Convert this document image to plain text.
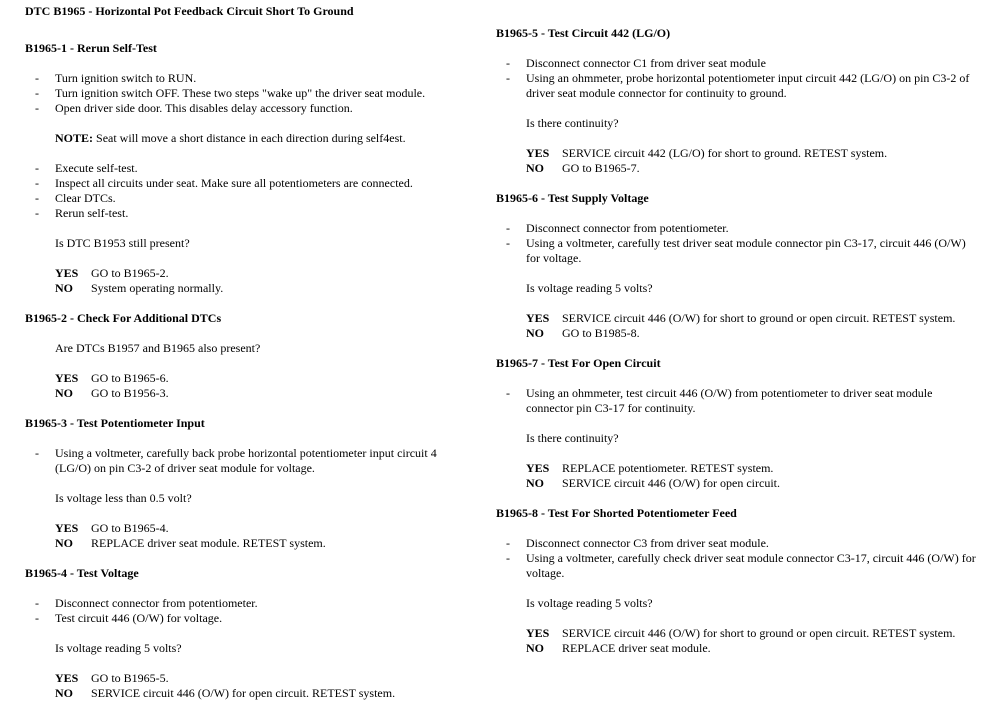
DTC B1965 - Horizontal Pot Feedback Circuit Short To Ground
B1965-1 - Rerun Self-Test
- Turn ignition switch to RUN.
- Turn ignition switch OFF. These two steps "wake up" the driver seat module.
- Open driver side door. This disables delay accessory function.
NOTE: Seat will move a short distance in each direction during self4est.
- Execute self-test.
- Inspect all circuits under seat. Make sure all potentiometers are connected.
- Clear DTCs.
- Rerun self-test.
Is DTC B1953 still present?
YES	GO to B1965-2.
NO	System operating normally.
B1965-2 - Check For Additional DTCs
Are DTCs B1957 and B1965 also present?
YES	GO to B1965-6.
NO	GO to B1956-3.
B1965-3 - Test Potentiometer Input
- Using a voltmeter, carefully back probe horizontal potentiometer input circuit 4
(LG/O) on pin C3-2 of driver seat module for voltage.
Is voltage less than 0.5 volt?
YES	GO to B1965-4.
NO	REPLACE driver seat module. RETEST system.
B1965-4 - Test Voltage
- Disconnect connector from potentiometer.
- Test circuit 446 (O/W) for voltage.
Is voltage reading 5 volts?
YES	GO to B1965-5.
NO	SERVICE circuit 446 (O/W) for open circuit. RETEST system.
B1965-5 - Test Circuit 442 (LG/O)
- Disconnect connector C1 from driver seat module
- Using an ohmmeter, probe horizontal potentiometer input circuit 442 (LG/O) on pin C3-2 of driver seat module connector for continuity to ground.
Is there continuity?
YES	SERVICE circuit 442 (LG/O) for short to ground. RETEST system.
NO	GO to B1965-7.
B1965-6 - Test Supply Voltage
- Disconnect connector from potentiometer.
- Using a voltmeter, carefully test driver seat module connector pin C3-17, circuit 446 (O/W) for voltage.
Is voltage reading 5 volts?
YES	SERVICE circuit 446 (O/W) for short to ground or open circuit. RETEST system.
NO	GO to B1985-8.
B1965-7 - Test For Open Circuit
- Using an ohmmeter, test circuit 446 (O/W) from potentiometer to driver seat module connector pin C3-17 for continuity.
Is there continuity?
YES	REPLACE potentiometer. RETEST system.
NO	SERVICE circuit 446 (O/W) for open circuit.
B1965-8 - Test For Shorted Potentiometer Feed
- Disconnect connector C3 from driver seat module.
- Using a voltmeter, carefully check driver seat module connector C3-17, circuit 446 (O/W) for voltage.
Is voltage reading 5 volts?
YES	SERVICE circuit 446 (O/W) for short to ground or open circuit. RETEST system.
NO	REPLACE driver seat module.
